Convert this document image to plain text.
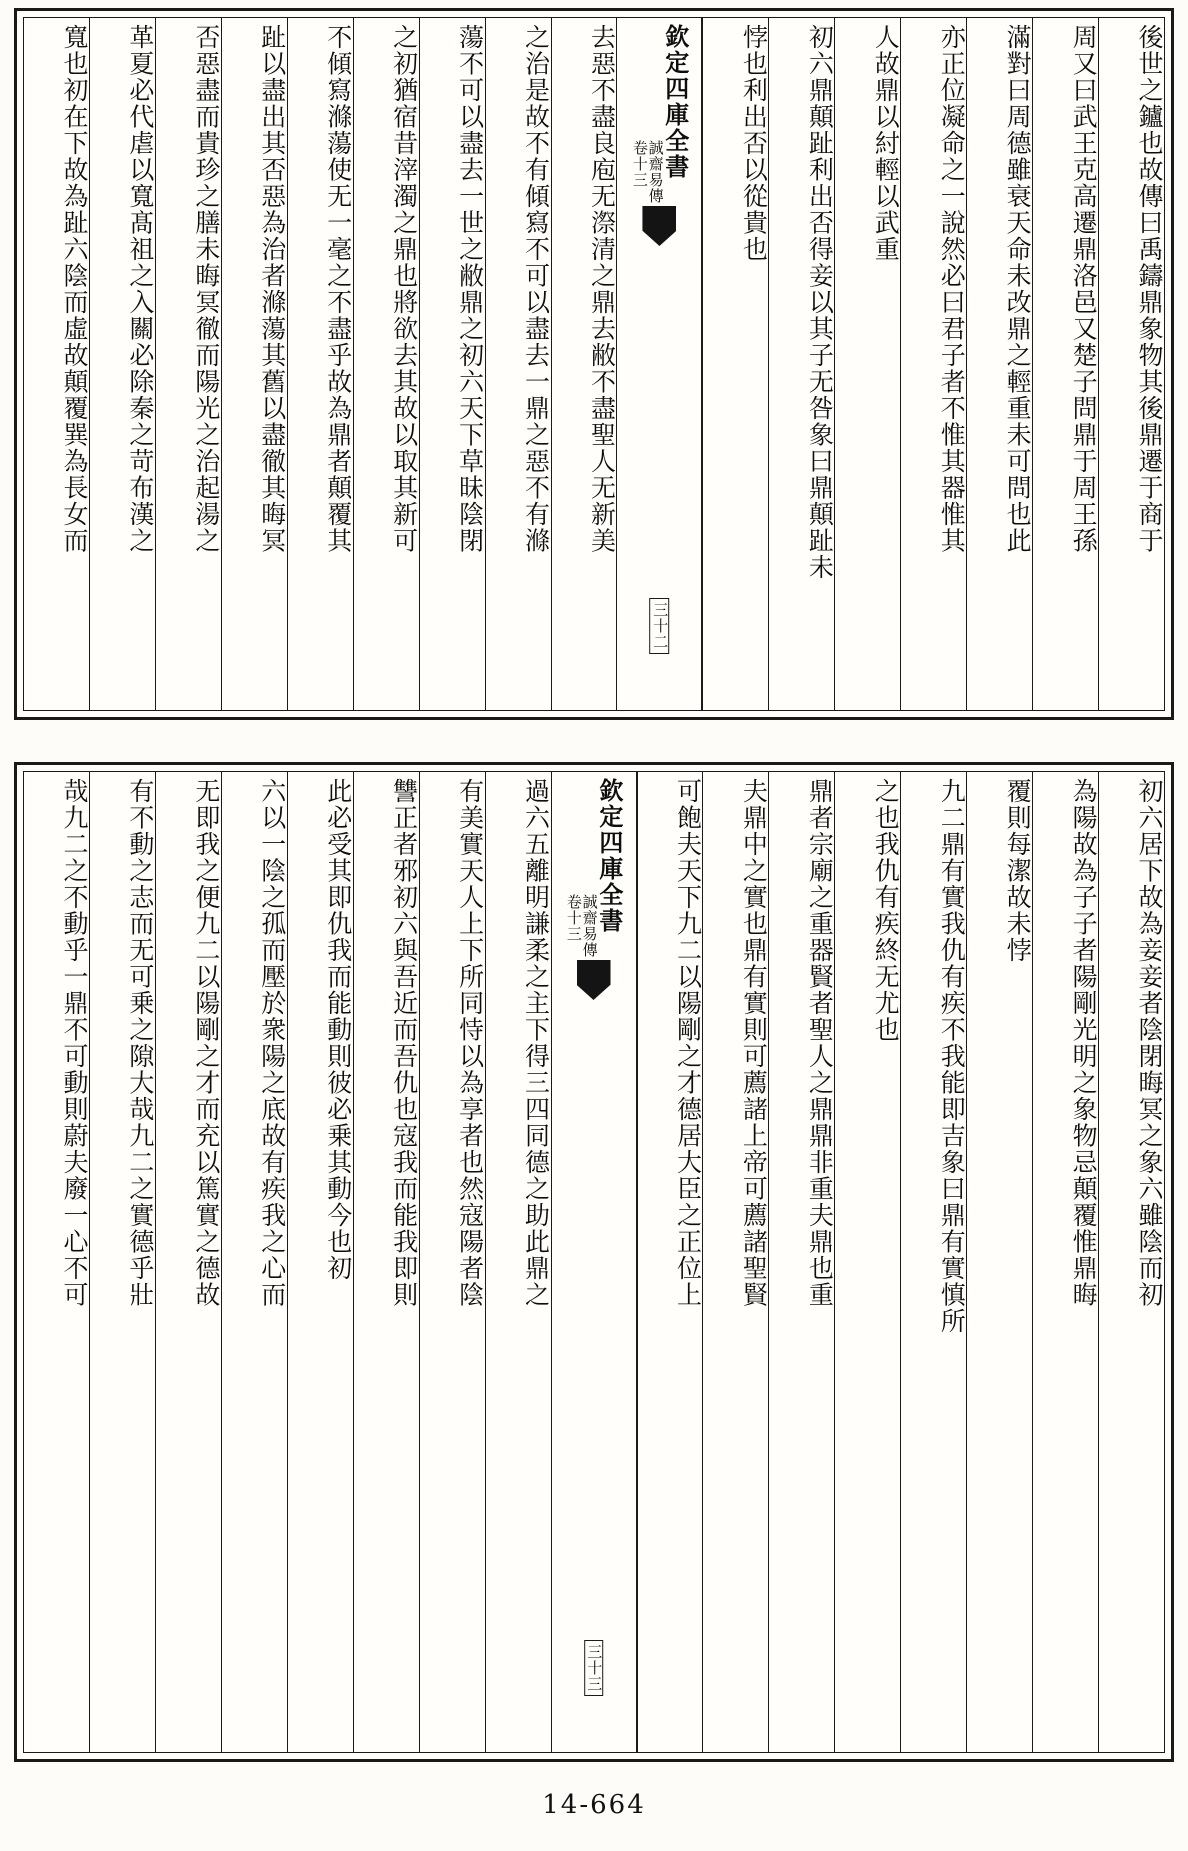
後世之鑪也故傳曰禹鑄鼎象物其後鼎遷于商于
周又曰武王克高遷鼎洛邑又楚子問鼎于周王孫
滿對曰周德雖衰天命未改鼎之輕重未可問也此
亦正位凝命之一說然必曰君子者不惟其器惟其
人故鼎以紂輕以武重
初六鼎顛趾利出否得妾以其子无咎象曰鼎顛趾未
悖也利出否以從貴也
欽定四庫全書
誠齋易傳
卷十三
三十二
去惡不盡良庖无漈清之鼎去敝不盡聖人无新美
之治是故不有傾寫不可以盡去一鼎之惡不有滌
蕩不可以盡去一世之敝鼎之初六天下草昧陰閉
之初猶宿昔滓濁之鼎也將欲去其故以取其新可
不傾寫滌蕩使无一毫之不盡乎故為鼎者顛覆其
趾以盡出其否惡為治者滌蕩其舊以盡徹其晦冥
否惡盡而貴珍之膳未晦冥徹而陽光之治起湯之
革夏必代虐以寬髙祖之入關必除秦之苛布漢之
寬也初在下故為趾六陰而虛故顛覆巽為長女而
初六居下故為妾妾者陰閉晦冥之象六雖陰而初
為陽故為子子者陽剛光明之象物忌顛覆惟鼎晦
覆則每潔故未悖
九二鼎有實我仇有疾不我能即吉象曰鼎有實慎所
之也我仇有疾終无尤也
鼎者宗廟之重器賢者聖人之鼎鼎非重夫鼎也重
夫鼎中之實也鼎有實則可薦諸上帝可薦諸聖賢
可飽夫天下九二以陽剛之才德居大臣之正位上
欽定四庫全書
誠齋易傳
卷十三
三十三
過六五離明謙柔之主下得三四同德之助此鼎之
有美實天人上下所同恃以為享者也然寇陽者陰
讐正者邪初六與吾近而吾仇也寇我而能我即則
此必受其即仇我而能動則彼必乗其動今也初
六以一陰之孤而壓於衆陽之底故有疾我之心而
无即我之便九二以陽剛之才而充以篤實之德故
有不動之志而无可乗之隙大哉九二之實德乎壯
哉九二之不動乎一鼎不可動則蔚夫廢一心不可
14-664
